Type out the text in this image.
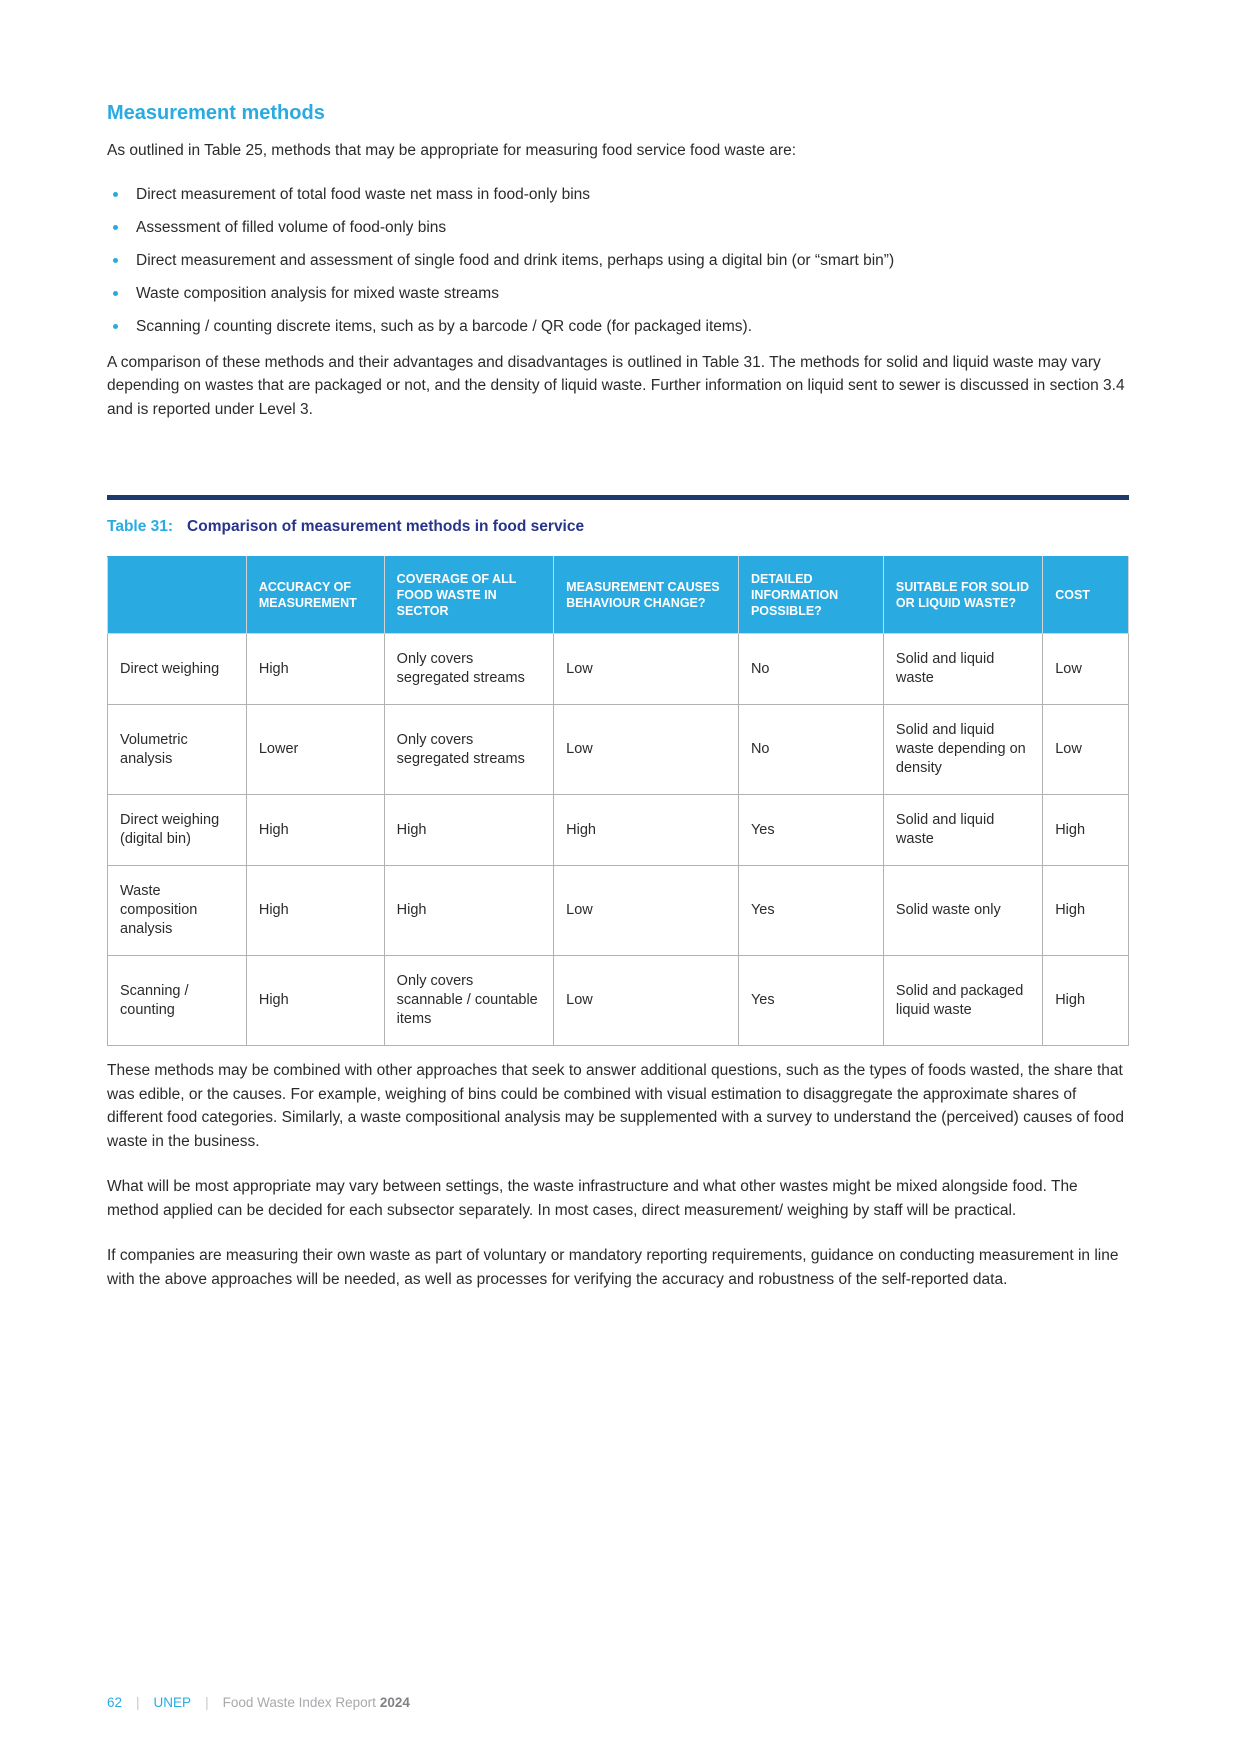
Measurement methods

As outlined in Table 25, methods that may be appropriate for measuring food service food waste are:

Direct measurement of total food waste net mass in food-only bins
Assessment of filled volume of food-only bins
Direct measurement and assessment of single food and drink items, perhaps using a digital bin (or “smart bin”)
Waste composition analysis for mixed waste streams
Scanning / counting discrete items, such as by a barcode / QR code (for packaged items).

A comparison of these methods and their advantages and disadvantages is outlined in Table 31. The methods for solid and liquid waste may vary depending on wastes that are packaged or not, and the density of liquid waste. Further information on liquid sent to sewer is discussed in section 3.4 and is reported under Level 3.

Table 31: Comparison of measurement methods in food service
	ACCURACY OF MEASUREMENT	COVERAGE OF ALL FOOD WASTE IN SECTOR	MEASUREMENT CAUSES BEHAVIOUR CHANGE?	DETAILED INFORMATION POSSIBLE?	SUITABLE FOR SOLID OR LIQUID WASTE?	COST
Direct weighing	High	Only covers segregated streams	Low	No	Solid and liquid waste	Low
Volumetric analysis	Lower	Only covers segregated streams	Low	No	Solid and liquid waste depending on density	Low
Direct weighing (digital bin)	High	High	High	Yes	Solid and liquid waste	High
Waste composition analysis	High	High	Low	Yes	Solid waste only	High
Scanning / counting	High	Only covers scannable / countable items	Low	Yes	Solid and packaged liquid waste	High

These methods may be combined with other approaches that seek to answer additional questions, such as the types of foods wasted, the share that was edible, or the causes. For example, weighing of bins could be combined with visual estimation to disaggregate the approximate shares of different food categories. Similarly, a waste compositional analysis may be supplemented with a survey to understand the (perceived) causes of food waste in the business.

What will be most appropriate may vary between settings, the waste infrastructure and what other wastes might be mixed alongside food. The method applied can be decided for each subsector separately. In most cases, direct measurement/ weighing by staff will be practical.

If companies are measuring their own waste as part of voluntary or mandatory reporting requirements, guidance on conducting measurement in line with the above approaches will be needed, as well as processes for verifying the accuracy and robustness of the self-reported data.

62 | UNEP | Food Waste Index Report 2024
